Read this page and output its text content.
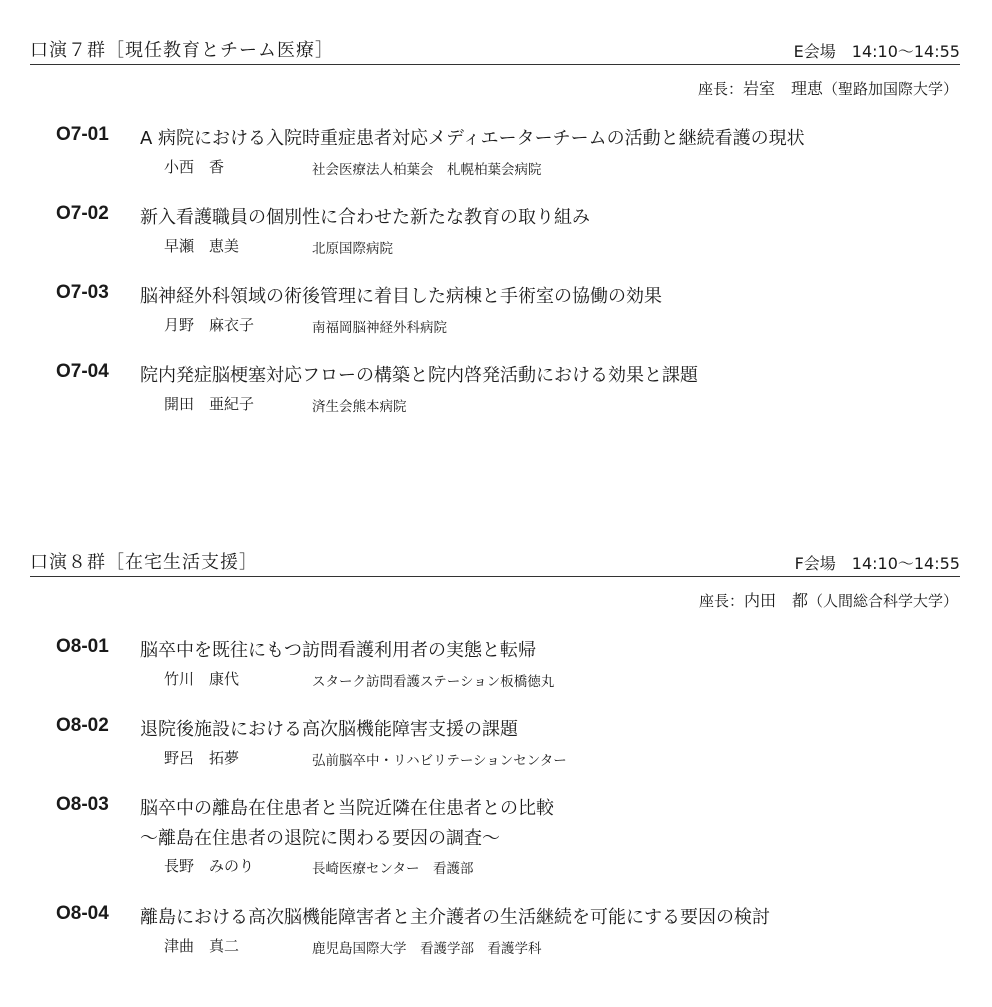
口演７群［現任教育とチーム医療］	E会場　14:10〜14:55
座長：岩室　理恵（聖路加国際大学）
O7-01 A 病院における入院時重症患者対応メディエーターチームの活動と継続看護の現状
小西　香	社会医療法人柏葉会　札幌柏葉会病院
O7-02 新入看護職員の個別性に合わせた新たな教育の取り組み
早瀬　恵美	北原国際病院
O7-03 脳神経外科領域の術後管理に着目した病棟と手術室の協働の効果
月野　麻衣子	南福岡脳神経外科病院
O7-04 院内発症脳梗塞対応フローの構築と院内啓発活動における効果と課題
開田　亜紀子	済生会熊本病院
口演８群［在宅生活支援］	F会場　14:10〜14:55
座長：内田　都（人間総合科学大学）
O8-01 脳卒中を既往にもつ訪問看護利用者の実態と転帰
竹川　康代	スターク訪問看護ステーション板橋徳丸
O8-02 退院後施設における高次脳機能障害支援の課題
野呂　拓夢	弘前脳卒中・リハビリテーションセンター
O8-03 脳卒中の離島在住患者と当院近隣在住患者との比較
〜離島在住患者の退院に関わる要因の調査〜
長野　みのり	長崎医療センター　看護部
O8-04 離島における高次脳機能障害者と主介護者の生活継続を可能にする要因の検討
津曲　真二	鹿児島国際大学　看護学部　看護学科
